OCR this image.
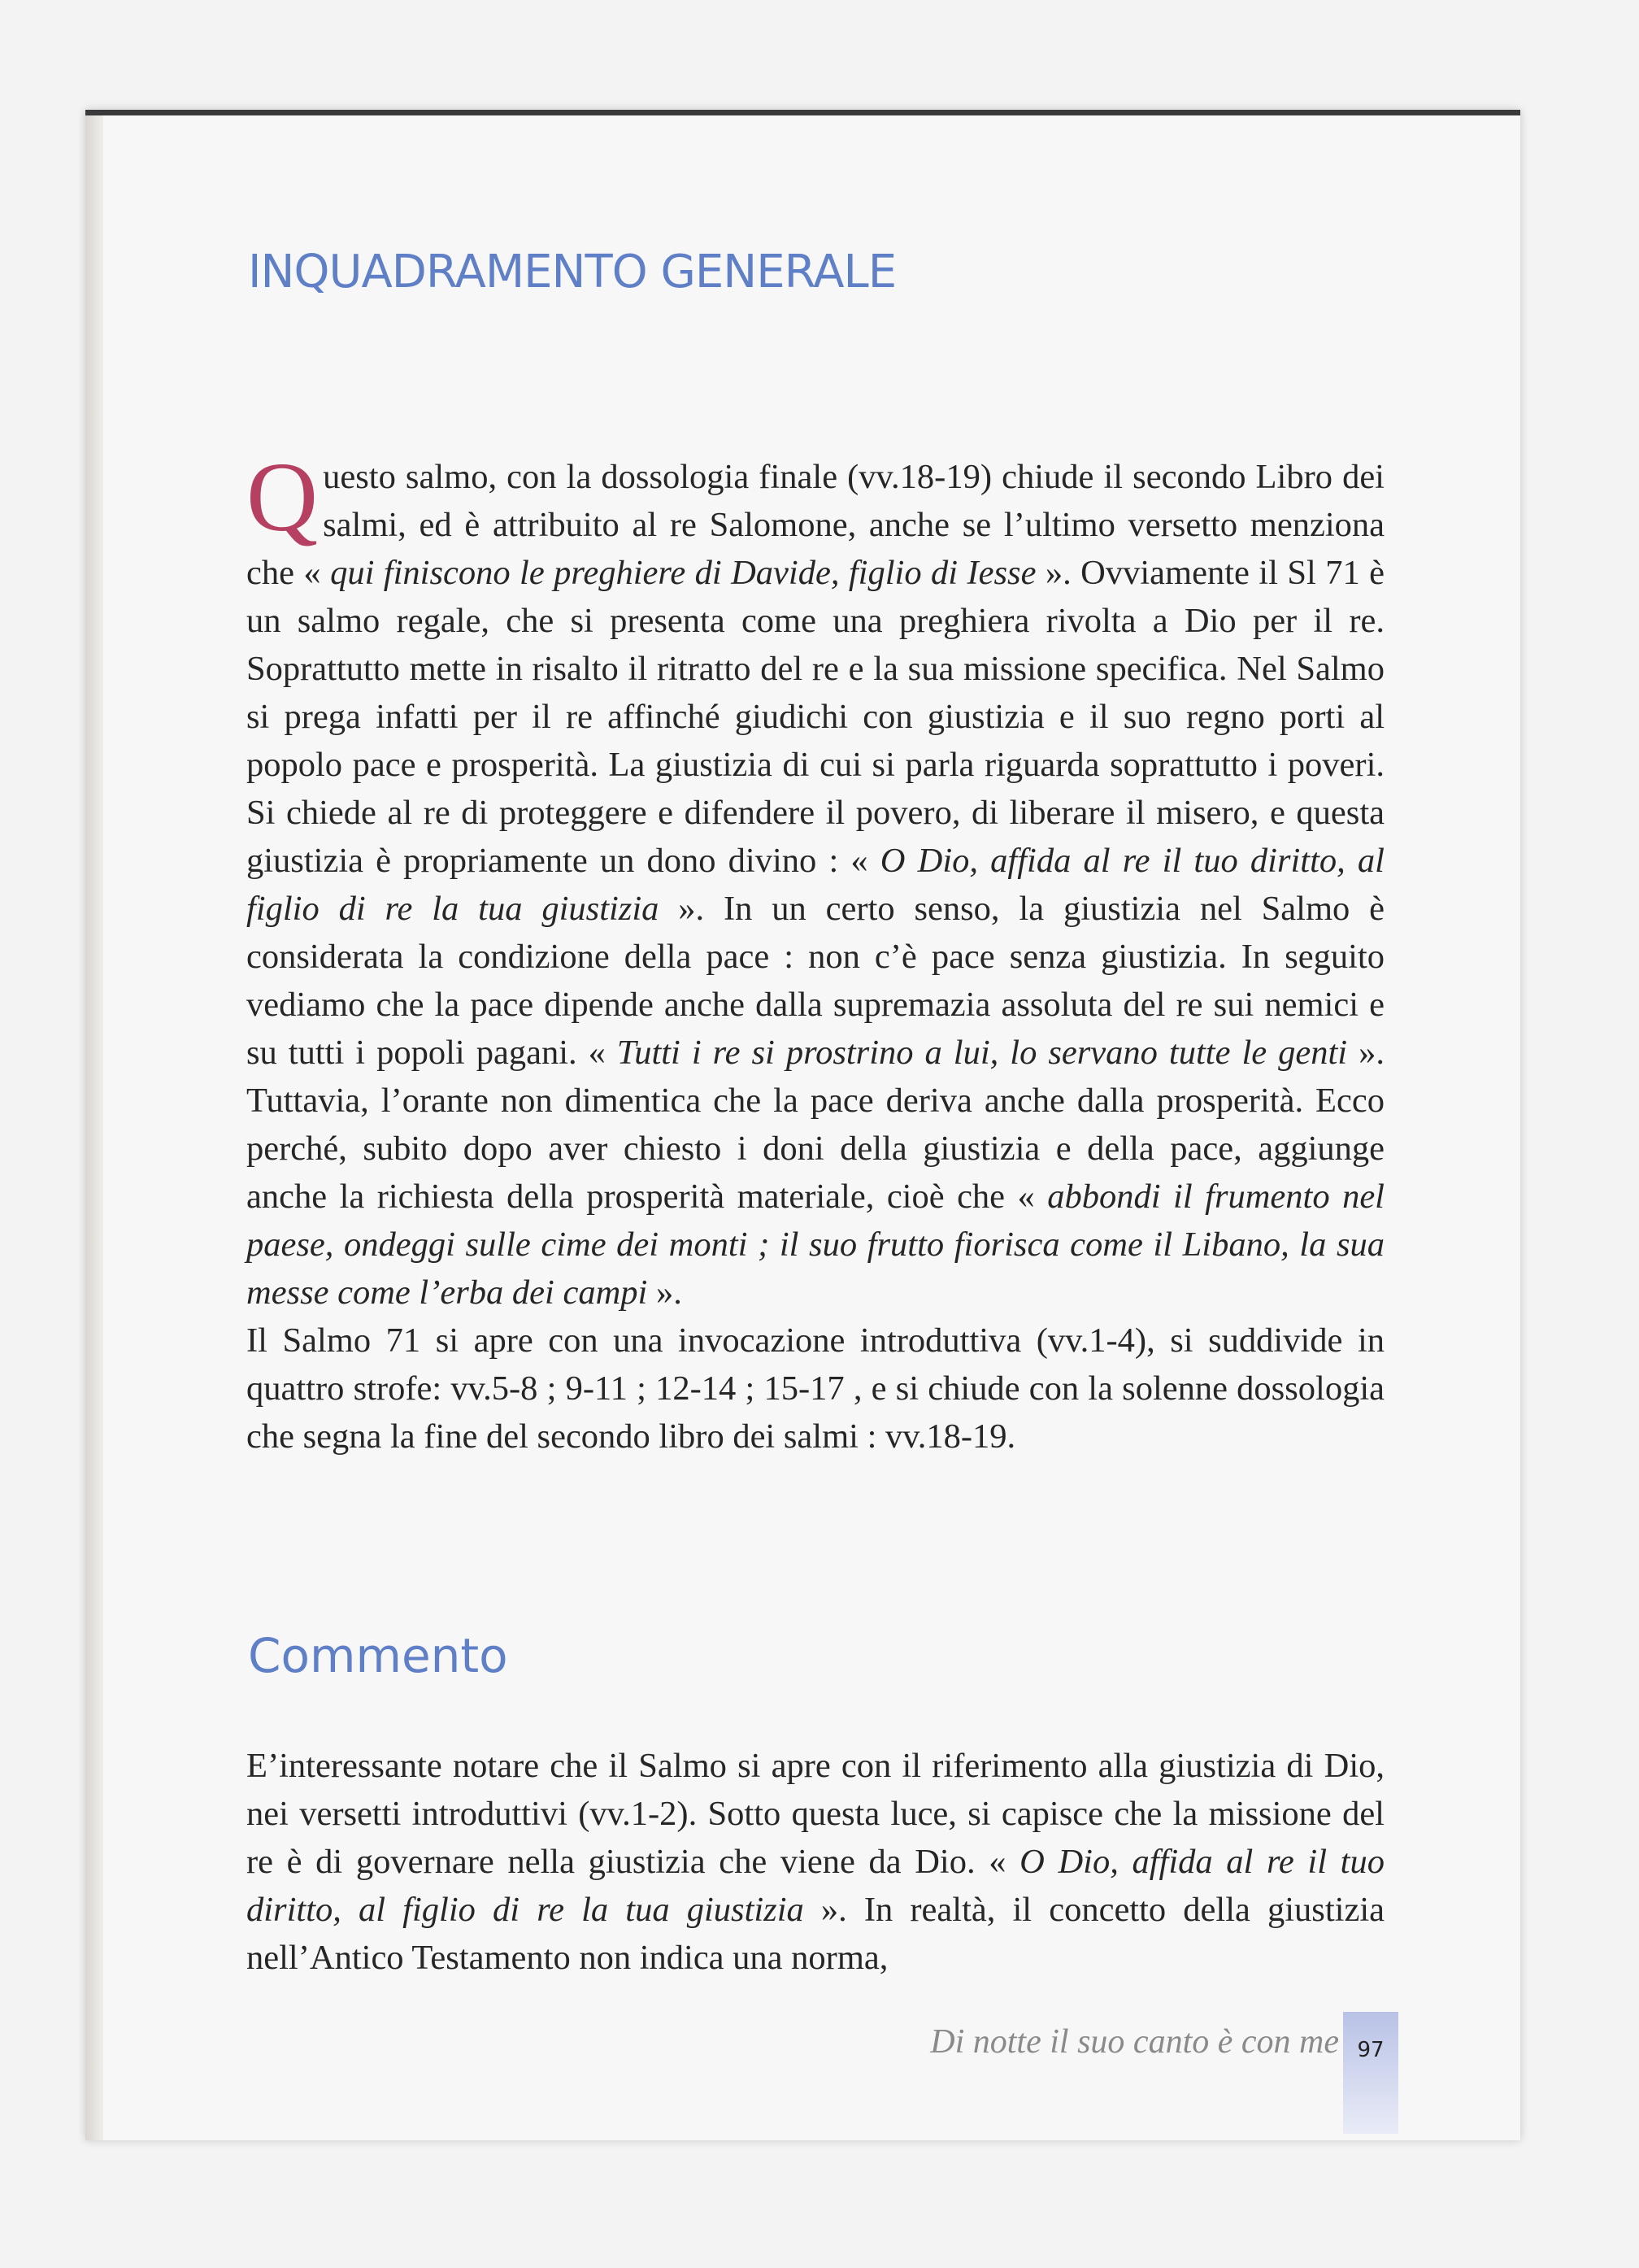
INQUADRAMENTO GENERALE

Questo salmo, con la dossologia finale (vv.18-19) chiude il secondo Libro dei salmi, ed è attribuito al re Salomone, anche se l’ultimo versetto menziona che « qui finiscono le preghiere di Davide, figlio di Iesse ». Ovviamente il Sl 71 è un salmo regale, che si presenta come una preghiera rivolta a Dio per il re. Soprattutto mette in risalto il ritratto del re e la sua missione specifica. Nel Salmo si prega infatti per il re affinché giudichi con giustizia e il suo regno porti al popolo pace e prosperità. La giustizia di cui si parla riguarda soprattutto i poveri. Si chiede al re di proteggere e difendere il povero, di liberare il misero, e questa giustizia è propriamente un dono divino : « O Dio, affida al re il tuo diritto, al figlio di re la tua giustizia ». In un certo senso, la giustizia nel Salmo è considerata la condizione della pace : non c’è pace senza giustizia. In seguito vediamo che la pace dipende anche dalla supremazia assoluta del re sui nemici e su tutti i popoli pagani. « Tutti i re si prostrino a lui, lo servano tutte le genti ». Tuttavia, l’orante non dimentica che la pace deriva anche dalla prosperità. Ecco perché, subito dopo aver chiesto i doni della giustizia e della pace, aggiunge anche la richiesta della prosperità materiale, cioè che « abbondi il frumento nel paese, ondeggi sulle cime dei monti ; il suo frutto fiorisca come il Libano, la sua messe come l’erba dei campi ».

Il Salmo 71 si apre con una invocazione introduttiva (vv.1-4), si suddivide in quattro strofe: vv.5-8 ; 9-11 ; 12-14 ; 15-17 , e si chiude con la solenne dossologia che segna la fine del secondo libro dei salmi : vv.18-19.

Commento

E’interessante notare che il Salmo si apre con il riferimento alla giustizia di Dio, nei versetti introduttivi (vv.1-2). Sotto questa luce, si capisce che la missione del re è di governare nella giustizia che viene da Dio. « O Dio, affida al re il tuo diritto, al figlio di re la tua giustizia ». In realtà, il concetto della giustizia nell’Antico Testamento non indica una norma,

Di notte il suo canto è con me 97
